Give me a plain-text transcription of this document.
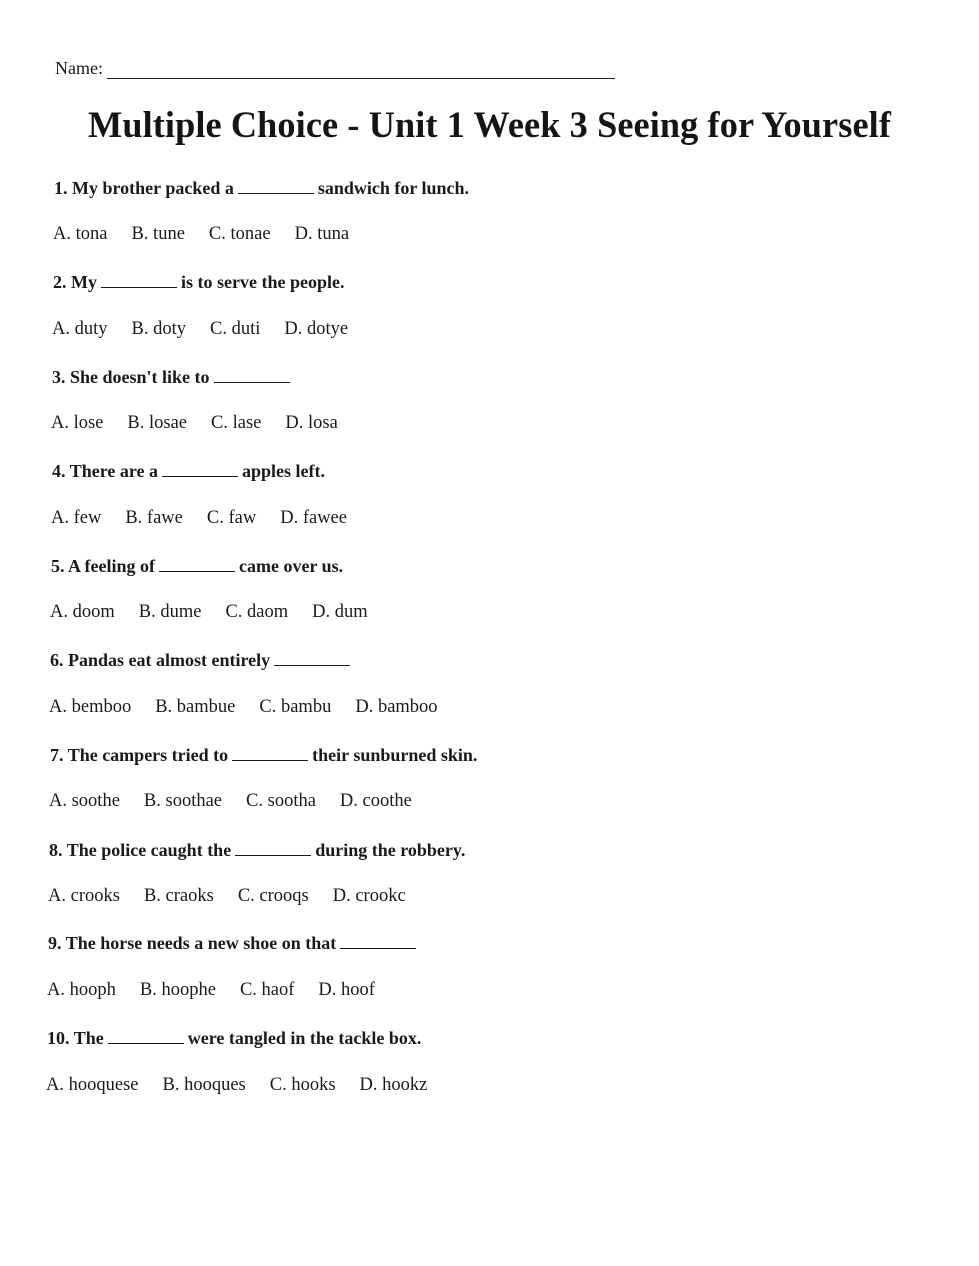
Name:
Multiple Choice - Unit 1 Week 3 Seeing for Yourself
1. My brother packed a	sandwich for lunch.
A. tona B. tune C. tonae D. tuna
2. My	is to serve the people.
A. duty B. doty C. duti D. dotye
3. She doesn't like to
A. lose B. losae C. lase D. losa
4. There are a	apples left.
A. few B. fawe C. faw D. fawee
5. A feeling of	came over us.
A. doom B. dume C. daom D. dum
6. Pandas eat almost entirely
A. bemboo B. bambue C. bambu D. bamboo
7. The campers tried to	their sunburned skin.
A. soothe B. soothae C. sootha D. coothe
8. The police caught the	during the robbery.
A. crooks B. craoks C. crooqs D. crookc
9. The horse needs a new shoe on that
A. hooph B. hoophe C. haof D. hoof
10. The	were tangled in the tackle box.
A. hooquese B. hooques C. hooks D. hookz
